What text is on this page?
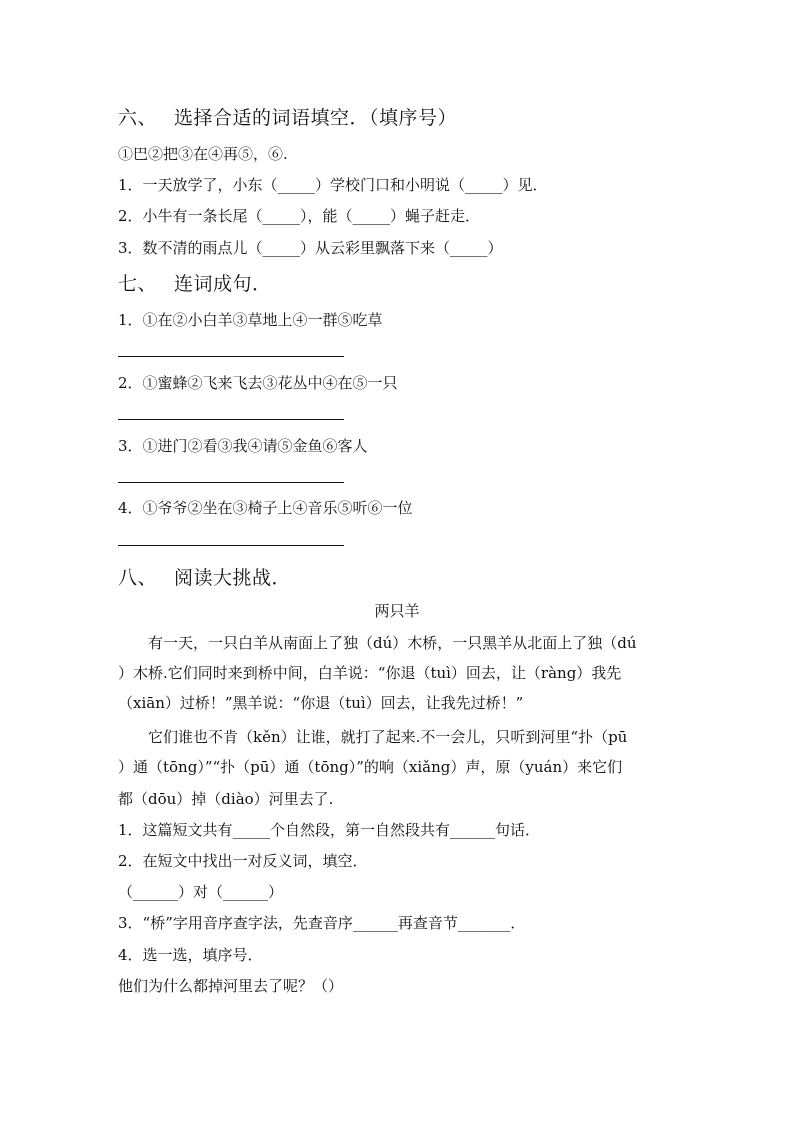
六、 选择合适的词语填空．（填序号）
①巴②把③在④再⑤，⑥.
1．一天放学了，小东（_____）学校门口和小明说（_____）见．
2．小牛有一条长尾（_____），能（_____）蝇子赶走．
3．数不清的雨点儿（_____）从云彩里飘落下来（_____）
七、 连词成句．
1．①在②小白羊③草地上④一群⑤吃草
2．①蜜蜂②飞来飞去③花丛中④在⑤一只
3．①进门②看③我④请⑤金鱼⑥客人
4．①爷爷②坐在③椅子上④音乐⑤听⑥一位
八、 阅读大挑战．
两只羊
　　有一天，一只白羊从南面上了独（dú）木桥，一只黑羊从北面上了独（dú
）木桥.它们同时来到桥中间，白羊说：“你退（tuì）回去，让（ràng）我先
（xiān）过桥！”黑羊说：“你退（tuì）回去，让我先过桥！”
　　它们谁也不肯（kěn）让谁，就打了起来.不一会儿，只听到河里“扑（pū
）通（tōng）”“扑（pū）通（tōng）”的响（xiǎng）声，原（yuán）来它们
都（dōu）掉（diào）河里去了.
1．这篇短文共有_____个自然段，第一自然段共有______句话．
2．在短文中找出一对反义词，填空．
（______）对（______）
3．“桥”字用音序查字法，先查音序______再查音节_______．
4．选一选，填序号．
他们为什么都掉河里去了呢？（）
